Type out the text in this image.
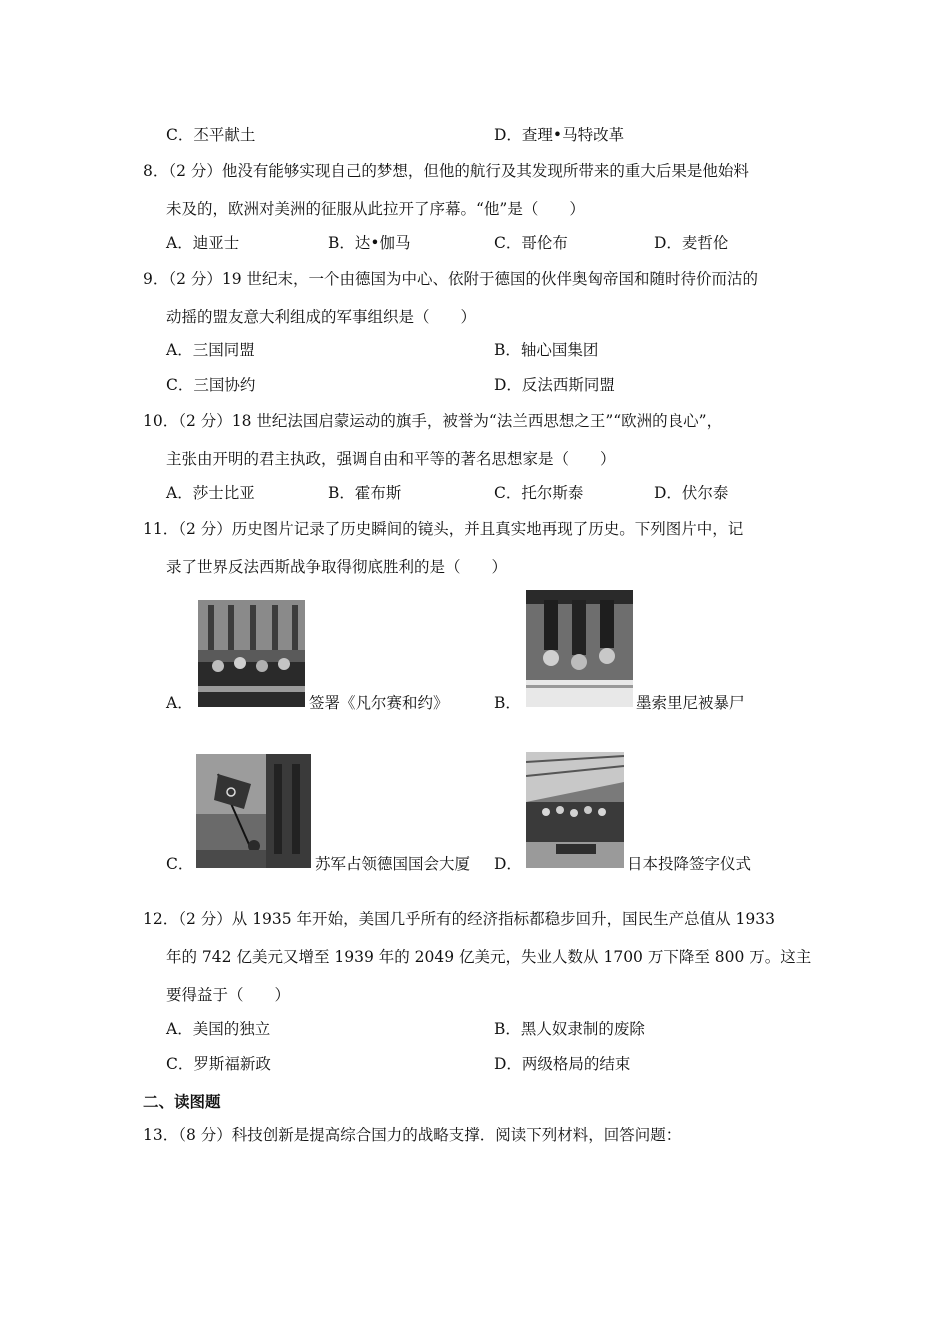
C．丕平献土	D．查理•马特改革
8．（2 分）他没有能够实现自己的梦想，但他的航行及其发现所带来的重大后果是他始料
未及的，欧洲对美洲的征服从此拉开了序幕。“他”是（　　）
A．迪亚士	B．达•伽马	C．哥伦布	D．麦哲伦
9．（2 分）19 世纪末，一个由德国为中心、依附于德国的伙伴奥匈帝国和随时待价而沽的
动摇的盟友意大利组成的军事组织是（　　）
A．三国同盟	B．轴心国集团
C．三国协约	D．反法西斯同盟
10．（2 分）18 世纪法国启蒙运动的旗手，被誉为“法兰西思想之王”“欧洲的良心”，
主张由开明的君主执政，强调自由和平等的著名思想家是（　　）
A．莎士比亚	B．霍布斯	C．托尔斯泰	D．伏尔泰
11．（2 分）历史图片记录了历史瞬间的镜头，并且真实地再现了历史。下列图片中，记
录了世界反法西斯战争取得彻底胜利的是（　　）
A．	签署《凡尔赛和约》	B．	墨索里尼被暴尸
C．	苏军占领德国国会大厦 D．	日本投降签字仪式
12．（2 分）从 1935 年开始，美国几乎所有的经济指标都稳步回升，国民生产总值从 1933
年的 742 亿美元又增至 1939 年的 2049 亿美元，失业人数从 1700 万下降至 800 万。这主
要得益于（　　）
A．美国的独立	B．黑人奴隶制的废除
C．罗斯福新政	D．两级格局的结束
二、读图题
13．（8 分）科技创新是提高综合国力的战略支撑．阅读下列材料，回答问题：
